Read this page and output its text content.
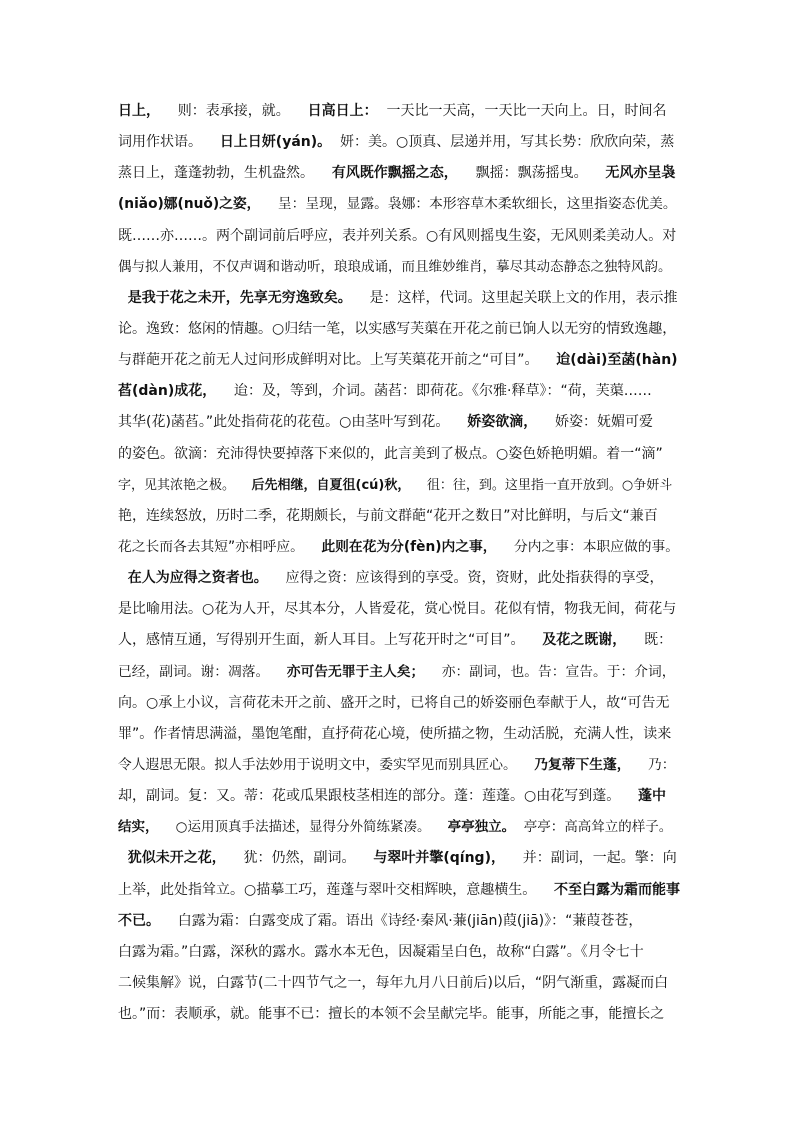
日上，    则：表承接，就。    日高日上：  一天比一天高，一天比一天向上。日，时间名
词用作状语。    日上日妍(yán)。  妍：美。○顶真、层递并用，写其长势：欣欣向荣，蒸
蒸日上，蓬蓬勃勃，生机盎然。    有风既作飘摇之态，    飘摇：飘荡摇曳。    无风亦呈袅
(niǎo)娜(nuǒ)之姿，    呈：呈现，显露。袅娜：本形容草木柔软细长，这里指姿态优美。
既……亦……。两个副词前后呼应，表并列关系。○有风则摇曳生姿，无风则柔美动人。对
偶与拟人兼用，不仅声调和谐动听，琅琅成诵，而且维妙维肖，摹尽其动态静态之独特风韵。
是我于花之未开，先享无穷逸致矣。    是：这样，代词。这里起关联上文的作用，表示推
论。逸致：悠闲的情趣。○归结一笔，以实感写芙蕖在开花之前已饷人以无穷的情致逸趣，
与群葩开花之前无人过问形成鲜明对比。上写芙蕖花开前之“可目”。    迨(dài)至菡(hàn)
萏(dàn)成花，    迨：及，等到，介词。菡萏：即荷花。《尔雅·释草》：“荷，芙蕖……
其华(花)菡萏。”此处指荷花的花苞。○由茎叶写到花。    娇姿欲滴，    娇姿：妩媚可爱
的姿色。欲滴：充沛得快要掉落下来似的，此言美到了极点。○姿色娇艳明媚。着一“滴”
字，见其浓艳之极。    后先相继，自夏徂(cú)秋，    徂：往，到。这里指一直开放到。○争妍斗
艳，连续怒放，历时二季，花期颇长，与前文群葩“花开之数日”对比鲜明，与后文“兼百
花之长而各去其短”亦相呼应。    此则在花为分(fèn)内之事，    分内之事：本职应做的事。
在人为应得之资者也。    应得之资：应该得到的享受。资，资财，此处指获得的享受，
是比喻用法。○花为人开，尽其本分，人皆爱花，赏心悦目。花似有情，物我无间，荷花与
人，感情互通，写得别开生面，新人耳目。上写花开时之“可目”。    及花之既谢，    既：
已经，副词。谢：凋落。    亦可告无罪于主人矣；    亦：副词，也。告：宣告。于：介词，
向。○承上小议，言荷花未开之前、盛开之时，已将自己的娇姿丽色奉献于人，故“可告无
罪”。作者情思满溢，墨饱笔酣，直抒荷花心境，使所描之物，生动活脱，充满人性，读来
令人遐思无限。拟人手法妙用于说明文中，委实罕见而别具匠心。    乃复蒂下生蓬，    乃：
却，副词。复：又。蒂：花或瓜果跟枝茎相连的部分。蓬：莲蓬。○由花写到蓬。    蓬中
结实，    ○运用顶真手法描述，显得分外简练紧凑。    亭亭独立。  亭亭：高高耸立的样子。
犹似未开之花，    犹：仍然，副词。    与翠叶并擎(qíng)，    并：副词，一起。擎：向
上举，此处指耸立。○描摹工巧，莲蓬与翠叶交相辉映，意趣横生。    不至白露为霜而能事
不已。    白露为霜：白露变成了霜。语出《诗经·秦风·蒹(jiān)葭(jiā)》：“蒹葭苍苍，
白露为霜。”白露，深秋的露水。露水本无色，因凝霜呈白色，故称“白露”。《月令七十
二候集解》说，白露节(二十四节气之一，每年九月八日前后)以后，“阴气渐重，露凝而白
也。”而：表顺承，就。能事不已：擅长的本领不会呈献完毕。能事，所能之事，能擅长之
